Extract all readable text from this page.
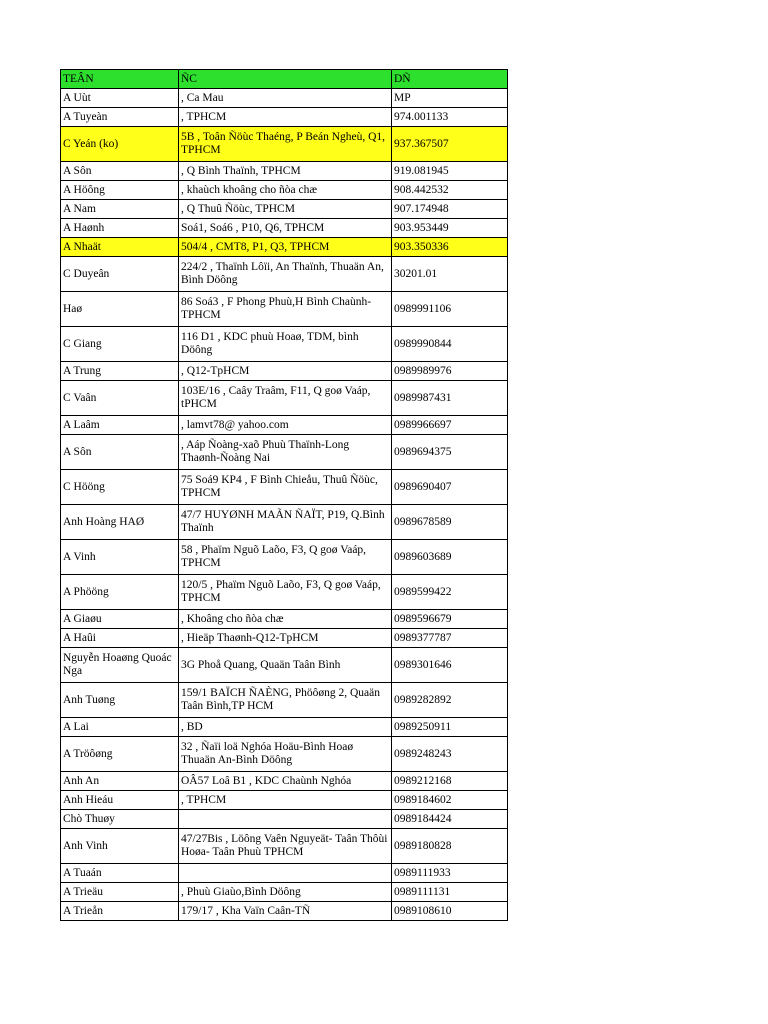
TEÂN	ÑC	DÑ
A Uùt	, Ca Mau	MP
A Tuyeàn	, TPHCM	974.001133
C Yeán (ko)	5B , Toân Ñöùc Thaéng, P Beán Ngheù, Q1, TPHCM	937.367507
A Sôn	, Q Bình Thaïnh, TPHCM	919.081945
A Höông	, khaùch khoâng cho ñòa chæ	908.442532
A Nam	, Q Thuû Ñöùc, TPHCM	907.174948
A Haønh	Soá1, Soá6 , P10, Q6, TPHCM	903.953449
A Nhaät	504/4 , CMT8, P1, Q3, TPHCM	903.350336
C Duyeân	224/2 , Thaïnh Lôïi, An Thaïnh, Thuaän An, Bình Döông	30201.01
Haø	86 Soá3 , F Phong Phuù,H Bình Chaùnh-TPHCM	0989991106
C Giang	116 D1 , KDC phuù Hoaø, TDM, bình Döông	0989990844
A Trung	, Q12-TpHCM	0989989976
C Vaân	103E/16 , Caây Traâm, F11, Q goø Vaáp, tPHCM	0989987431
A Laâm	, lamvt78@ yahoo.com	0989966697
A Sôn	, Aáp Ñoàng-xaõ Phuù Thaïnh-Long Thaønh-Ñoàng Nai	0989694375
C Hööng	75 Soá9 KP4 , F Bình Chieåu, Thuû Ñöùc, TPHCM	0989690407
Anh Hoàng HAØ	47/7 HUYØNH MAÃN ÑAÏT, P19, Q.Bình Thaïnh	0989678589
A Vinh	58 , Phaïm Nguõ Laõo, F3, Q goø Vaáp, TPHCM	0989603689
A Phööng	120/5 , Phaïm Nguõ Laõo, F3, Q goø Vaáp, TPHCM	0989599422
A Giaøu	, Khoâng cho ñòa chæ	0989596679
A Haûi	, Hieäp Thaønh-Q12-TpHCM	0989377787
Nguyễn Hoaøng Quoác Nga	3G Phoå Quang, Quaän Taân Bình	0989301646
Anh Tuøng	159/1 BAÏCH ÑAÈNG, Phöôøng 2, Quaän Taân Bình,TP HCM	0989282892
A Lai	, BD	0989250911
A Tröôøng	32 , Ñaïi loä Nghóa Hoäu-Bình Hoaø Thuaän An-Bình Döông	0989248243
Anh An	OÂ57 Loâ B1 , KDC Chaùnh Nghóa	0989212168
Anh Hieáu	, TPHCM	0989184602
Chò Thuøy		0989184424
Anh Vinh	47/27Bis , Löông Vaên Nguyeät- Taân Thôùi Hoøa- Taân Phuù TPHCM	0989180828
A Tuaán		0989111933
A Trieäu	, Phuù Giaùo,Bình Döông	0989111131
A Trieån	179/17 , Kha Vaïn Caân-TÑ	0989108610
